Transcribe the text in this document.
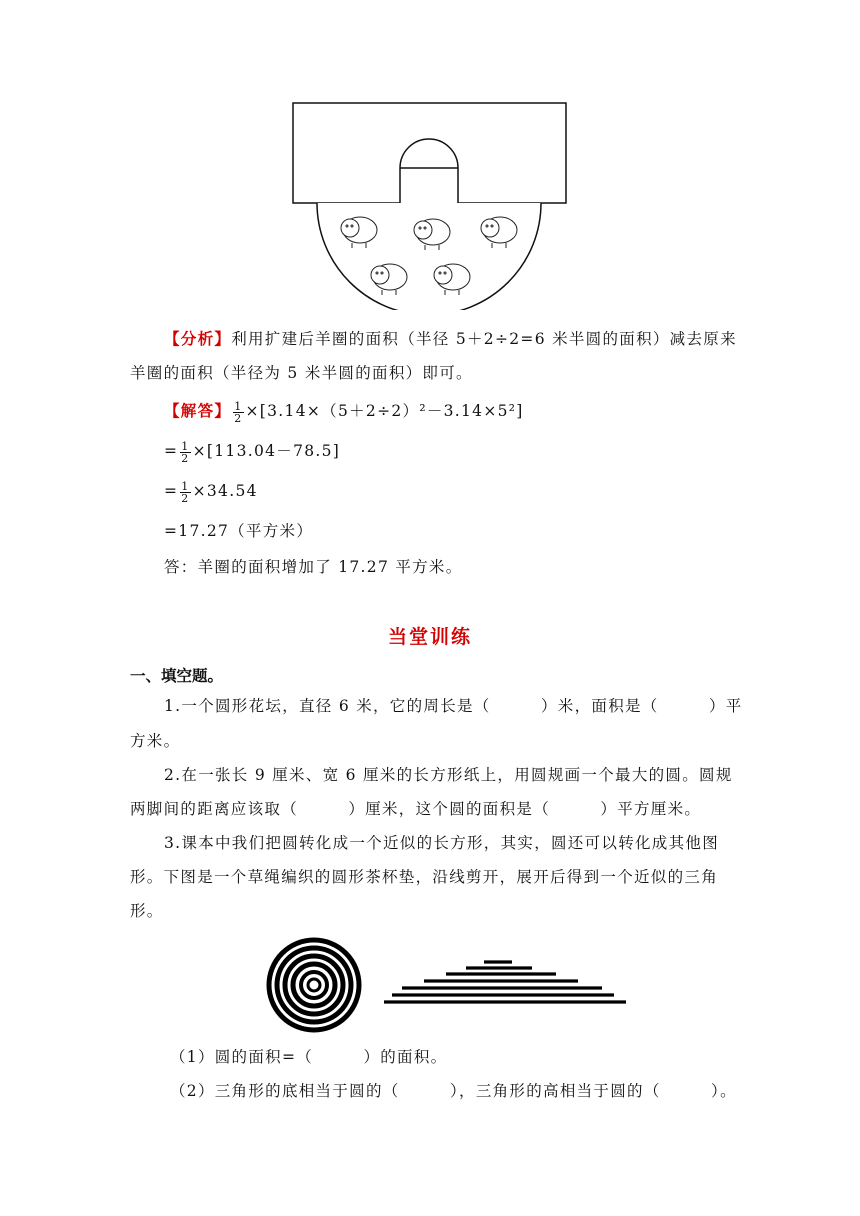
【分析】利用扩建后羊圈的面积（半径 5＋2÷2=6 米半圆的面积）减去原来
羊圈的面积（半径为 5 米半圆的面积）即可。
【解答】 $\frac{1}{2} \times[3.14\times(5+2\div 2)^2-3.14\times 5^2]$
= $\frac{1}{2} \times[113.04-78.5]$
= $\frac{1}{2} \times 34.54$
=17.27（平方米）
答：羊圈的面积增加了 17.27 平方米。
当堂训练
一、填空题。
1.一个圆形花坛，直径 6 米，它的周长是（　　　）米，面积是（　　　）平
方米。
2.在一张长 9 厘米、宽 6 厘米的长方形纸上，用圆规画一个最大的圆。圆规
两脚间的距离应该取（　　　）厘米，这个圆的面积是（　　　）平方厘米。
3.课本中我们把圆转化成一个近似的长方形，其实，圆还可以转化成其他图
形。下图是一个草绳编织的圆形茶杯垫，沿线剪开，展开后得到一个近似的三角
形。
（1）圆的面积=（　　　）的面积。
（2）三角形的底相当于圆的（　　　），三角形的高相当于圆的（　　　）。
